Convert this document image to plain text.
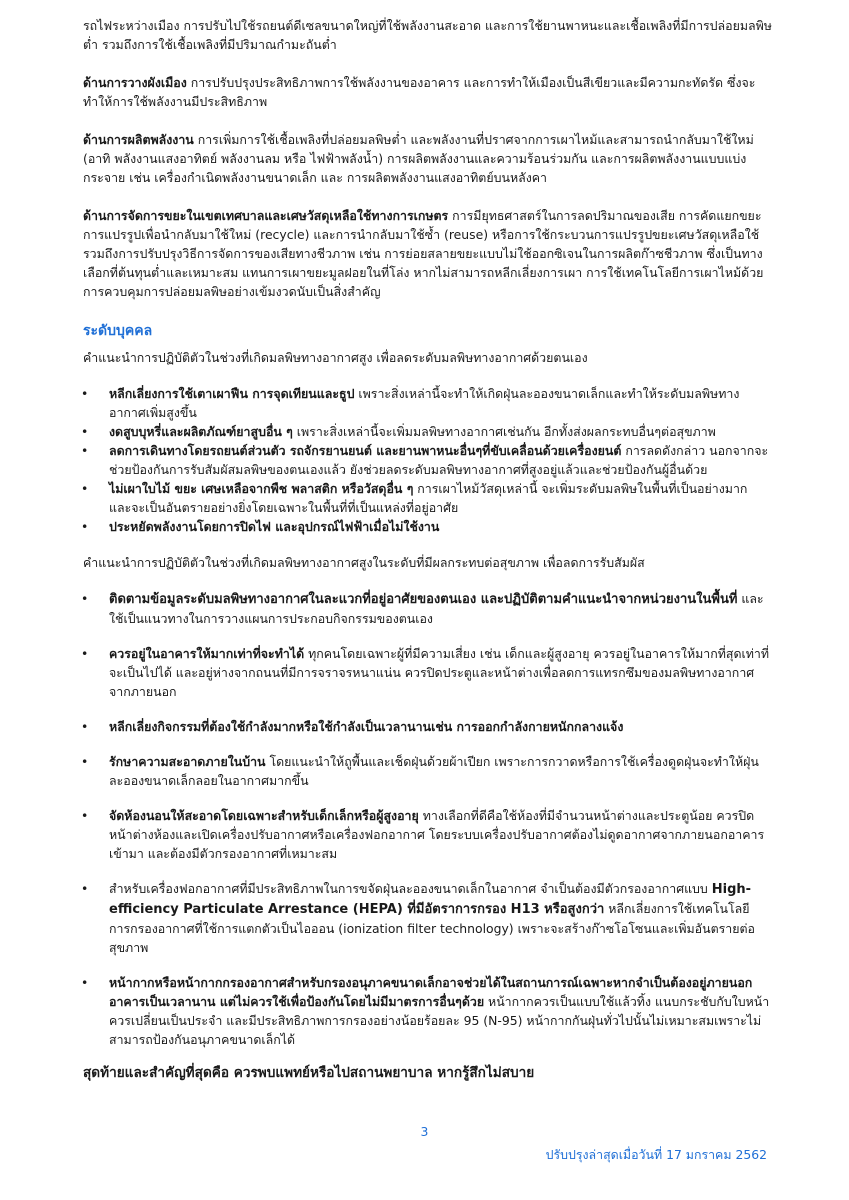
รถไฟระหว่างเมือง การปรับไปใช้รถยนต์ดีเซลขนาดใหญ่ที่ใช้พลังงานสะอาด และการใช้ยานพาหนะและเชื้อเพลิงที่มีการปล่อยมลพิษต่ำ รวมถึงการใช้เชื้อเพลิงที่มีปริมาณกำมะถันต่ำ

ด้านการวางผังเมือง การปรับปรุงประสิทธิภาพการใช้พลังงานของอาคาร และการทำให้เมืองเป็นสีเขียวและมีความกะทัดรัด ซึ่งจะทำให้การใช้พลังงานมีประสิทธิภาพ

ด้านการผลิตพลังงาน การเพิ่มการใช้เชื้อเพลิงที่ปล่อยมลพิษต่ำ และพลังงานที่ปราศจากการเผาไหม้และสามารถนำกลับมาใช้ใหม่ (อาทิ พลังงานแสงอาทิตย์ พลังงานลม หรือ ไฟฟ้าพลังน้ำ) การผลิตพลังงานและความร้อนร่วมกัน และการผลิตพลังงานแบบแบ่งกระจาย เช่น เครื่องกำเนิดพลังงานขนาดเล็ก และ การผลิตพลังงานแสงอาทิตย์บนหลังคา

ด้านการจัดการขยะในเขตเทศบาลและเศษวัสดุเหลือใช้ทางการเกษตร การมียุทธศาสตร์ในการลดปริมาณของเสีย การคัดแยกขยะ การแปรรูปเพื่อนำกลับมาใช้ใหม่ (recycle) และการนำกลับมาใช้ซ้ำ (reuse) หรือการใช้กระบวนการแปรรูปขยะเศษวัสดุเหลือใช้ รวมถึงการปรับปรุงวิธีการจัดการของเสียทางชีวภาพ เช่น การย่อยสลายขยะแบบไม่ใช้ออกซิเจนในการผลิตก๊าซชีวภาพ ซึ่งเป็นทางเลือกที่ต้นทุนต่ำและเหมาะสม แทนการเผาขยะมูลฝอยในที่โล่ง หากไม่สามารถหลีกเลี่ยงการเผา การใช้เทคโนโลยีการเผาไหม้ด้วยการควบคุมการปล่อยมลพิษอย่างเข้มงวดนับเป็นสิ่งสำคัญ

ระดับบุคคล

คำแนะนำการปฏิบัติตัวในช่วงที่เกิดมลพิษทางอากาศสูง เพื่อลดระดับมลพิษทางอากาศด้วยตนเอง

•	หลีกเลี่ยงการใช้เตาเผาฟืน การจุดเทียนและธูป เพราะสิ่งเหล่านี้จะทำให้เกิดฝุ่นละอองขนาดเล็กและทำให้ระดับมลพิษทางอากาศเพิ่มสูงขึ้น
•	งดสูบบุหรี่และผลิตภัณฑ์ยาสูบอื่น ๆ เพราะสิ่งเหล่านี้จะเพิ่มมลพิษทางอากาศเช่นกัน อีกทั้งส่งผลกระทบอื่นๆต่อสุขภาพ
•	ลดการเดินทางโดยรถยนต์ส่วนตัว รถจักรยานยนต์ และยานพาหนะอื่นๆที่ขับเคลื่อนด้วยเครื่องยนต์ การลดดังกล่าว นอกจากจะช่วยป้องกันการรับสัมผัสมลพิษของตนเองแล้ว ยังช่วยลดระดับมลพิษทางอากาศที่สูงอยู่แล้วและช่วยป้องกันผู้อื่นด้วย
•	ไม่เผาใบไม้ ขยะ เศษเหลือจากพืช พลาสติก หรือวัสดุอื่น ๆ การเผาไหม้วัสดุเหล่านี้ จะเพิ่มระดับมลพิษในพื้นที่เป็นอย่างมาก และจะเป็นอันตรายอย่างยิ่งโดยเฉพาะในพื้นที่ที่เป็นแหล่งที่อยู่อาศัย
•	ประหยัดพลังงานโดยการปิดไฟ และอุปกรณ์ไฟฟ้าเมื่อไม่ใช้งาน

คำแนะนำการปฏิบัติตัวในช่วงที่เกิดมลพิษทางอากาศสูงในระดับที่มีผลกระทบต่อสุขภาพ เพื่อลดการรับสัมผัส

•	ติดตามข้อมูลระดับมลพิษทางอากาศในละแวกที่อยู่อาศัยของตนเอง และปฏิบัติตามคำแนะนำจากหน่วยงานในพื้นที่ และใช้เป็นแนวทางในการวางแผนการประกอบกิจกรรมของตนเอง
•	ควรอยู่ในอาคารให้มากเท่าที่จะทำได้ ทุกคนโดยเฉพาะผู้ที่มีความเสี่ยง เช่น เด็กและผู้สูงอายุ ควรอยู่ในอาคารให้มากที่สุดเท่าที่จะเป็นไปได้ และอยู่ห่างจากถนนที่มีการจราจรหนาแน่น ควรปิดประตูและหน้าต่างเพื่อลดการแทรกซึมของมลพิษทางอากาศจากภายนอก
•	หลีกเลี่ยงกิจกรรมที่ต้องใช้กำลังมากหรือใช้กำลังเป็นเวลานานเช่น การออกกำลังกายหนักกลางแจ้ง
•	รักษาความสะอาดภายในบ้าน โดยแนะนำให้ถูพื้นและเช็ดฝุ่นด้วยผ้าเปียก เพราะการกวาดหรือการใช้เครื่องดูดฝุ่นจะทำให้ฝุ่นละอองขนาดเล็กลอยในอากาศมากขึ้น
•	จัดห้องนอนให้สะอาดโดยเฉพาะสำหรับเด็กเล็กหรือผู้สูงอายุ ทางเลือกที่ดีคือใช้ห้องที่มีจำนวนหน้าต่างและประตูน้อย ควรปิดหน้าต่างห้องและเปิดเครื่องปรับอากาศหรือเครื่องฟอกอากาศ โดยระบบเครื่องปรับอากาศต้องไม่ดูดอากาศจากภายนอกอาคารเข้ามา และต้องมีตัวกรองอากาศที่เหมาะสม
•	สำหรับเครื่องฟอกอากาศที่มีประสิทธิภาพในการขจัดฝุ่นละอองขนาดเล็กในอากาศ จำเป็นต้องมีตัวกรองอากาศแบบ High-efficiency Particulate Arrestance (HEPA) ที่มีอัตราการกรอง H13 หรือสูงกว่า หลีกเลี่ยงการใช้เทคโนโลยีการกรองอากาศที่ใช้การแตกตัวเป็นไอออน (ionization filter technology) เพราะจะสร้างก๊าซโอโซนและเพิ่มอันตรายต่อสุขภาพ
•	หน้ากากหรือหน้ากากกรองอากาศสำหรับกรองอนุภาคขนาดเล็กอาจช่วยได้ในสถานการณ์เฉพาะหากจำเป็นต้องอยู่ภายนอกอาคารเป็นเวลานาน แต่ไม่ควรใช้เพื่อป้องกันโดยไม่มีมาตรการอื่นๆด้วย หน้ากากควรเป็นแบบใช้แล้วทิ้ง แนบกระชับกับใบหน้า ควรเปลี่ยนเป็นประจำ และมีประสิทธิภาพการกรองอย่างน้อยร้อยละ 95 (N-95) หน้ากากกันฝุ่นทั่วไปนั้นไม่เหมาะสมเพราะไม่สามารถป้องกันอนุภาคขนาดเล็กได้

สุดท้ายและสำคัญที่สุดคือ ควรพบแพทย์หรือไปสถานพยาบาล หากรู้สึกไม่สบาย

3
ปรับปรุงล่าสุดเมื่อวันที่ 17 มกราคม 2562
